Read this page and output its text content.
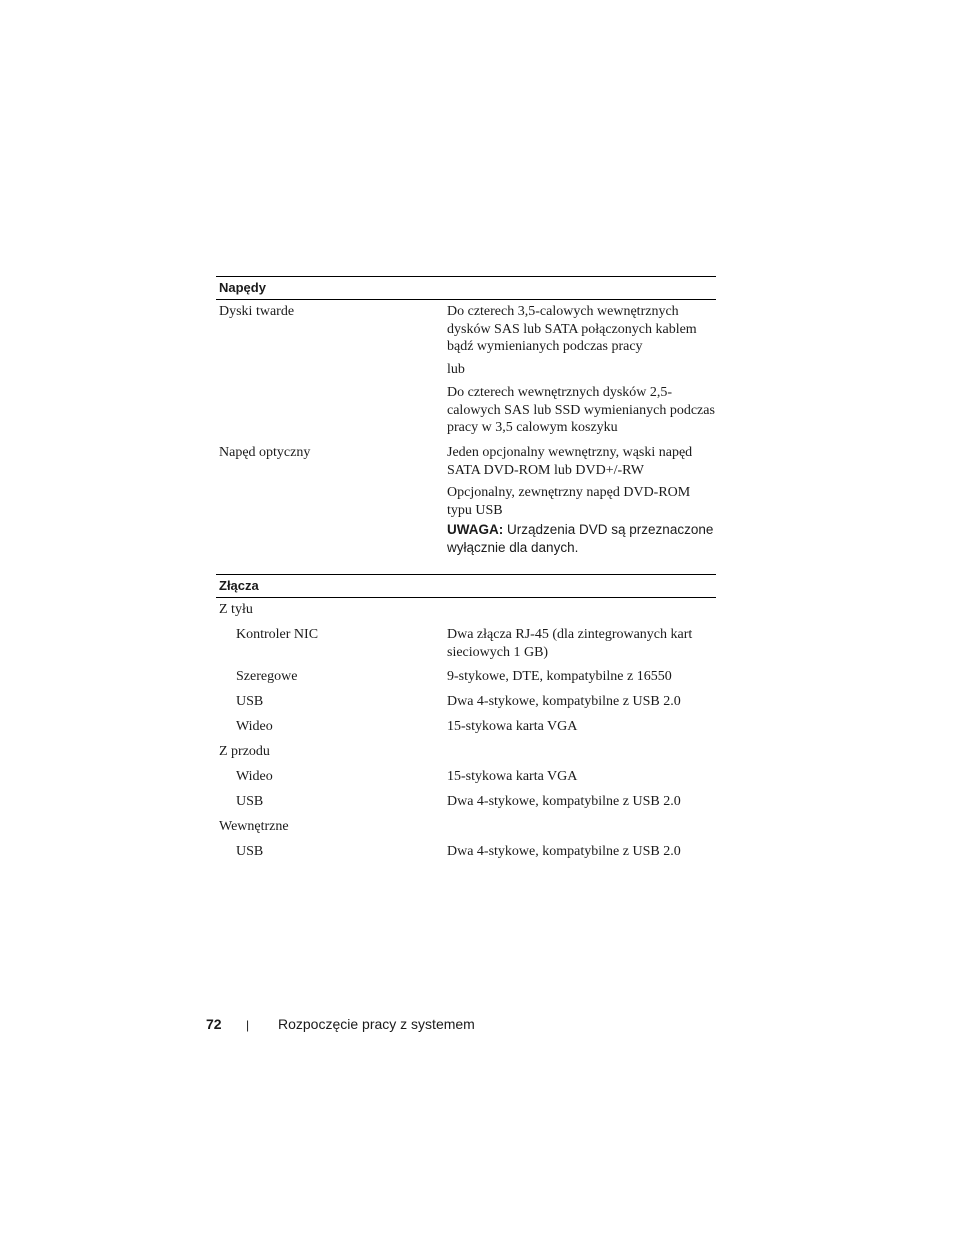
Napędy
Dyski twarde	Do czterech 3,5-calowych wewnętrznych dysków SAS lub SATA połączonych kablem bądź wymienianych podczas pracy
lub
Do czterech wewnętrznych dysków 2,5-calowych SAS lub SSD wymienianych podczas pracy w 3,5 calowym koszyku
Napęd optyczny	Jeden opcjonalny wewnętrzny, wąski napęd SATA DVD-ROM lub DVD+/-RW
Opcjonalny, zewnętrzny napęd DVD-ROM typu USB
UWAGA: Urządzenia DVD są przeznaczone wyłącznie dla danych.
Złącza
Z tyłu
Kontroler NIC	Dwa złącza RJ-45 (dla zintegrowanych kart sieciowych 1 GB)
Szeregowe	9-stykowe, DTE, kompatybilne z 16550
USB	Dwa 4-stykowe, kompatybilne z USB 2.0
Wideo	15-stykowa karta VGA
Z przodu
Wideo	15-stykowa karta VGA
USB	Dwa 4-stykowe, kompatybilne z USB 2.0
Wewnętrzne
USB	Dwa 4-stykowe, kompatybilne z USB 2.0
72 | Rozpoczęcie pracy z systemem
